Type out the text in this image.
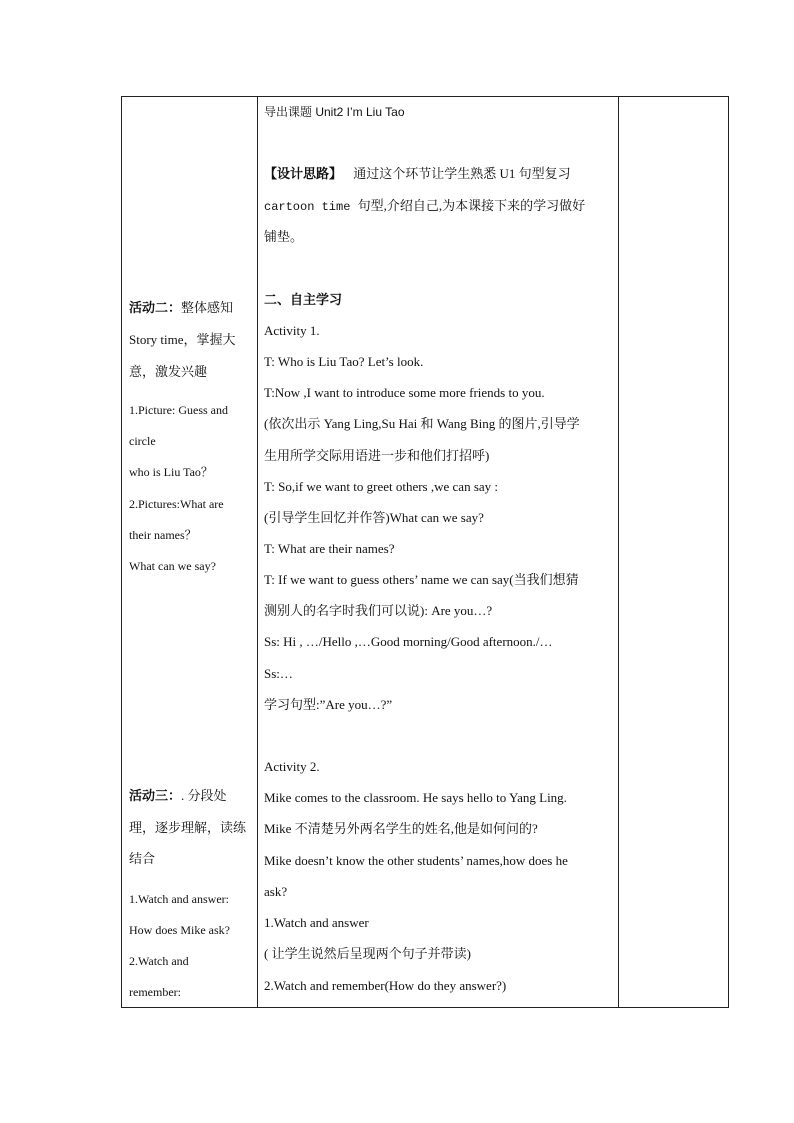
导出课题 Unit2 I’m Liu Tao
【设计思路】 通过这个环节让学生熟悉 U1 句型复习
cartoon time 句型,介绍自己,为本课接下来的学习做好
铺垫。
二、自主学习
Activity 1.
T: Who is Liu Tao? Let’s look.
T:Now ,I want to introduce some more friends to you.
(依次出示 Yang Ling,Su Hai 和 Wang Bing 的图片,引导学
生用所学交际用语进一步和他们打招呼)
T: So,if we want to greet others ,we can say :
(引导学生回忆并作答)What can we say?
T: What are their names?
T: If we want to guess others’ name we can say(当我们想猜
测别人的名字时我们可以说): Are you…?
Ss: Hi , …/Hello ,…Good morning/Good afternoon./…
Ss:…
学习句型:”Are you…?”
Activity 2.
Mike comes to the classroom. He says hello to Yang Ling.
Mike 不清楚另外两名学生的姓名,他是如何问的?
Mike doesn’t know the other students’ names,how does he
ask?
1.Watch and answer
( 让学生说然后呈现两个句子并带读)
2.Watch and remember(How do they answer?)
活动二：整体感知
Story time，掌握大
意，激发兴趣
1.Picture: Guess and
circle
who is Liu Tao？
2.Pictures:What are
their names？
What can we say?
活动三：. 分段处
理，逐步理解，读练
结合
1.Watch and answer:
How does Mike ask?
2.Watch and
remember:
